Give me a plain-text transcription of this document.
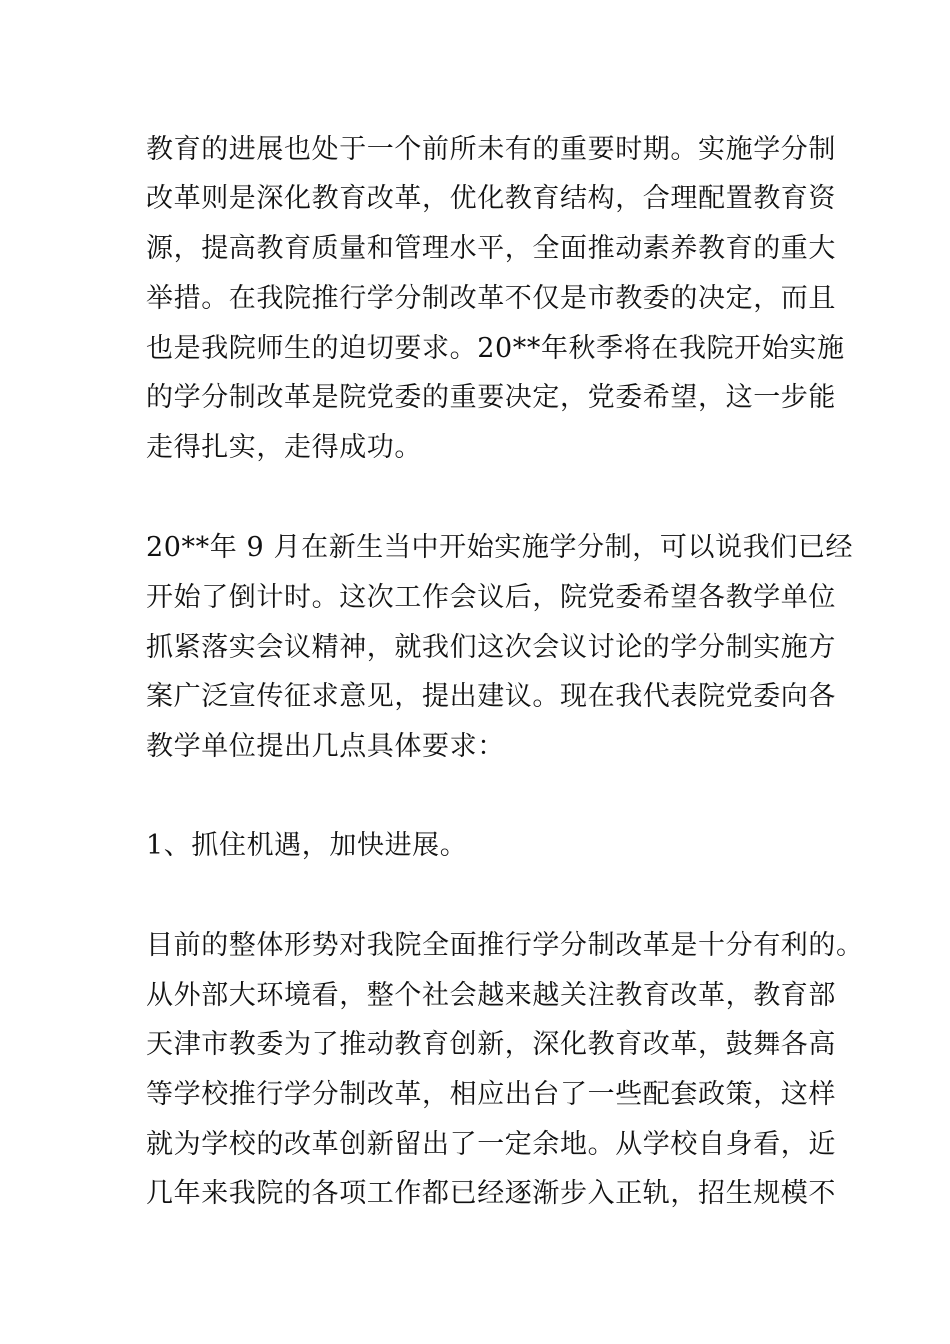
教育的进展也处于一个前所未有的重要时期。实施学分制
改革则是深化教育改革，优化教育结构，合理配置教育资
源，提高教育质量和管理水平，全面推动素养教育的重大
举措。在我院推行学分制改革不仅是市教委的决定，而且
也是我院师生的迫切要求。20**年秋季将在我院开始实施
的学分制改革是院党委的重要决定，党委希望，这一步能
走得扎实，走得成功。
20**年 9 月在新生当中开始实施学分制，可以说我们已经
开始了倒计时。这次工作会议后，院党委希望各教学单位
抓紧落实会议精神，就我们这次会议讨论的学分制实施方
案广泛宣传征求意见，提出建议。现在我代表院党委向各
教学单位提出几点具体要求：
1、抓住机遇，加快进展。
目前的整体形势对我院全面推行学分制改革是十分有利的。
从外部大环境看，整个社会越来越关注教育改革，教育部
天津市教委为了推动教育创新，深化教育改革，鼓舞各高
等学校推行学分制改革，相应出台了一些配套政策，这样
就为学校的改革创新留出了一定余地。从学校自身看，近
几年来我院的各项工作都已经逐渐步入正轨，招生规模不
